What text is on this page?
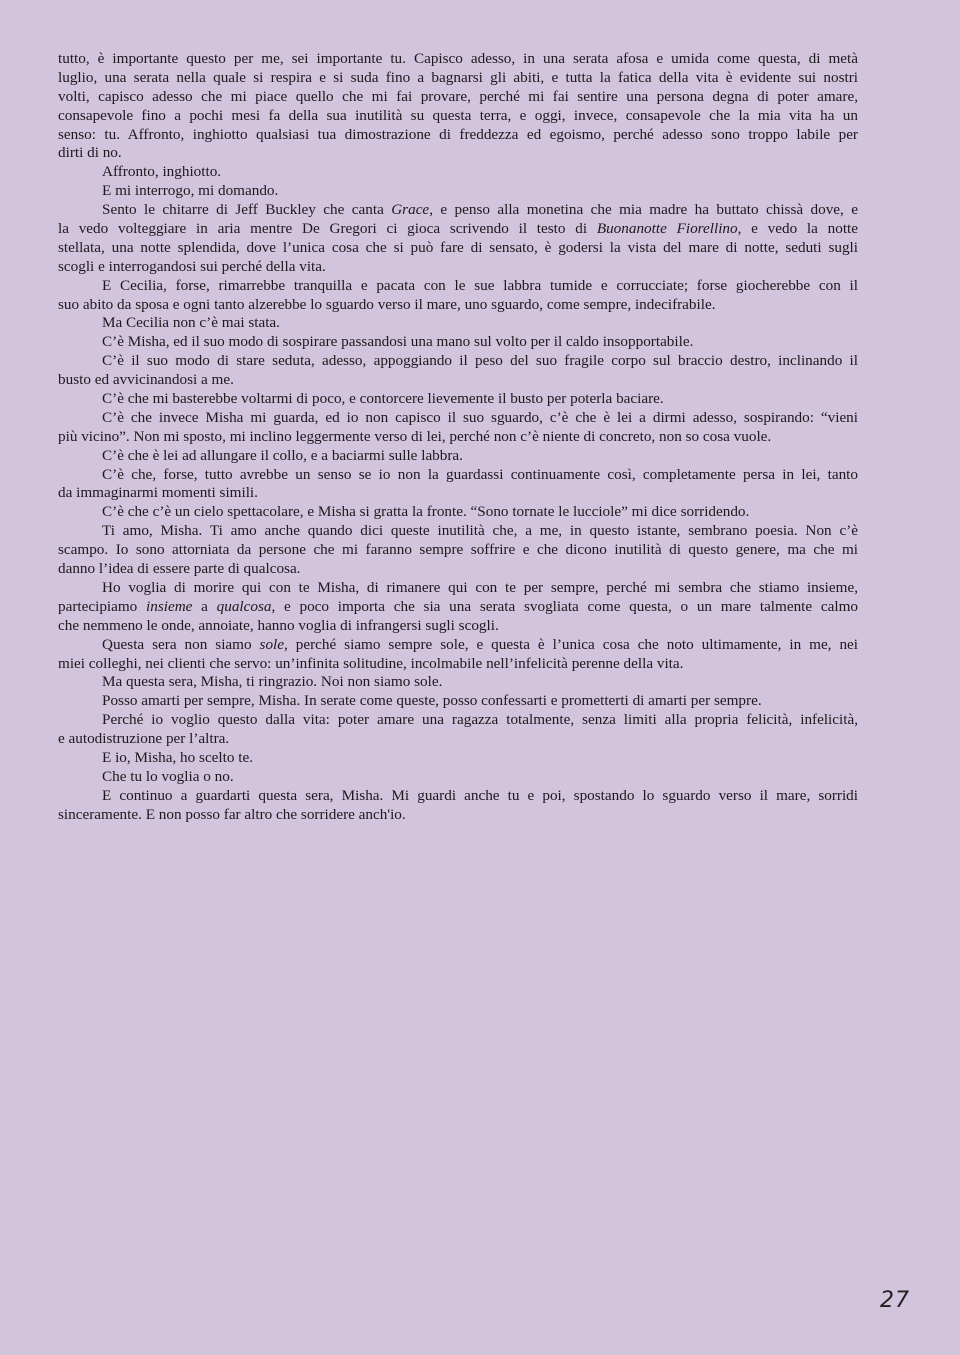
tutto, è importante questo per me, sei importante tu. Capisco adesso, in una serata afosa e umida come questa, di metà
luglio, una serata nella quale si respira e si suda fino a bagnarsi gli abiti, e tutta la fatica della vita è evidente sui nostri
volti, capisco adesso che mi piace quello che mi fai provare, perché mi fai sentire una persona degna di poter amare,
consapevole fino a pochi mesi fa della sua inutilità su questa terra, e oggi, invece, consapevole che la mia vita ha un
senso: tu. Affronto, inghiotto qualsiasi tua dimostrazione di freddezza ed egoismo, perché adesso sono troppo labile per
dirti di no.
Affronto, inghiotto.
E mi interrogo, mi domando.
Sento le chitarre di Jeff Buckley che canta Grace, e penso alla monetina che mia madre ha buttato chissà dove, e
la vedo volteggiare in aria mentre De Gregori ci gioca scrivendo il testo di Buonanotte Fiorellino, e vedo la notte
stellata, una notte splendida, dove l’unica cosa che si può fare di sensato, è godersi la vista del mare di notte, seduti sugli
scogli e interrogandosi sui perché della vita.
E Cecilia, forse, rimarrebbe tranquilla e pacata con le sue labbra tumide e corrucciate; forse giocherebbe con il
suo abito da sposa e ogni tanto alzerebbe lo sguardo verso il mare, uno sguardo, come sempre, indecifrabile.
Ma Cecilia non c’è mai stata.
C’è Misha, ed il suo modo di sospirare passandosi una mano sul volto per il caldo insopportabile.
C’è il suo modo di stare seduta, adesso, appoggiando il peso del suo fragile corpo sul braccio destro, inclinando il
busto ed avvicinandosi a me.
C’è che mi basterebbe voltarmi di poco, e contorcere lievemente il busto per poterla baciare.
C’è che invece Misha mi guarda, ed io non capisco il suo sguardo, c’è che è lei a dirmi adesso, sospirando: “vieni
più vicino”. Non mi sposto, mi inclino leggermente verso di lei, perché non c’è niente di concreto, non so cosa vuole.
C’è che è lei ad allungare il collo, e a baciarmi sulle labbra.
C’è che, forse, tutto avrebbe un senso se io non la guardassi continuamente così, completamente persa in lei, tanto
da immaginarmi momenti simili.
C’è che c’è un cielo spettacolare, e Misha si gratta la fronte. “Sono tornate le lucciole” mi dice sorridendo.
Ti amo, Misha. Ti amo anche quando dici queste inutilità che, a me, in questo istante, sembrano poesia. Non c’è
scampo. Io sono attorniata da persone che mi faranno sempre soffrire e che dicono inutilità di questo genere, ma che mi
danno l’idea di essere parte di qualcosa.
Ho voglia di morire qui con te Misha, di rimanere qui con te per sempre, perché mi sembra che stiamo insieme,
partecipiamo insieme a qualcosa, e poco importa che sia una serata svogliata come questa, o un mare talmente calmo
che nemmeno le onde, annoiate, hanno voglia di infrangersi sugli scogli.
Questa sera non siamo sole, perché siamo sempre sole, e questa è l’unica cosa che noto ultimamente, in me, nei
miei colleghi, nei clienti che servo: un’infinita solitudine, incolmabile nell’infelicità perenne della vita.
Ma questa sera, Misha, ti ringrazio. Noi non siamo sole.
Posso amarti per sempre, Misha. In serate come queste, posso confessarti e prometterti di amarti per sempre.
Perché io voglio questo dalla vita: poter amare una ragazza totalmente, senza limiti alla propria felicità, infelicità,
e autodistruzione per l’altra.
E io, Misha, ho scelto te.
Che tu lo voglia o no.
E continuo a guardarti questa sera, Misha. Mi guardi anche tu e poi, spostando lo sguardo verso il mare, sorridi
sinceramente. E non posso far altro che sorridere anch'io.
27
